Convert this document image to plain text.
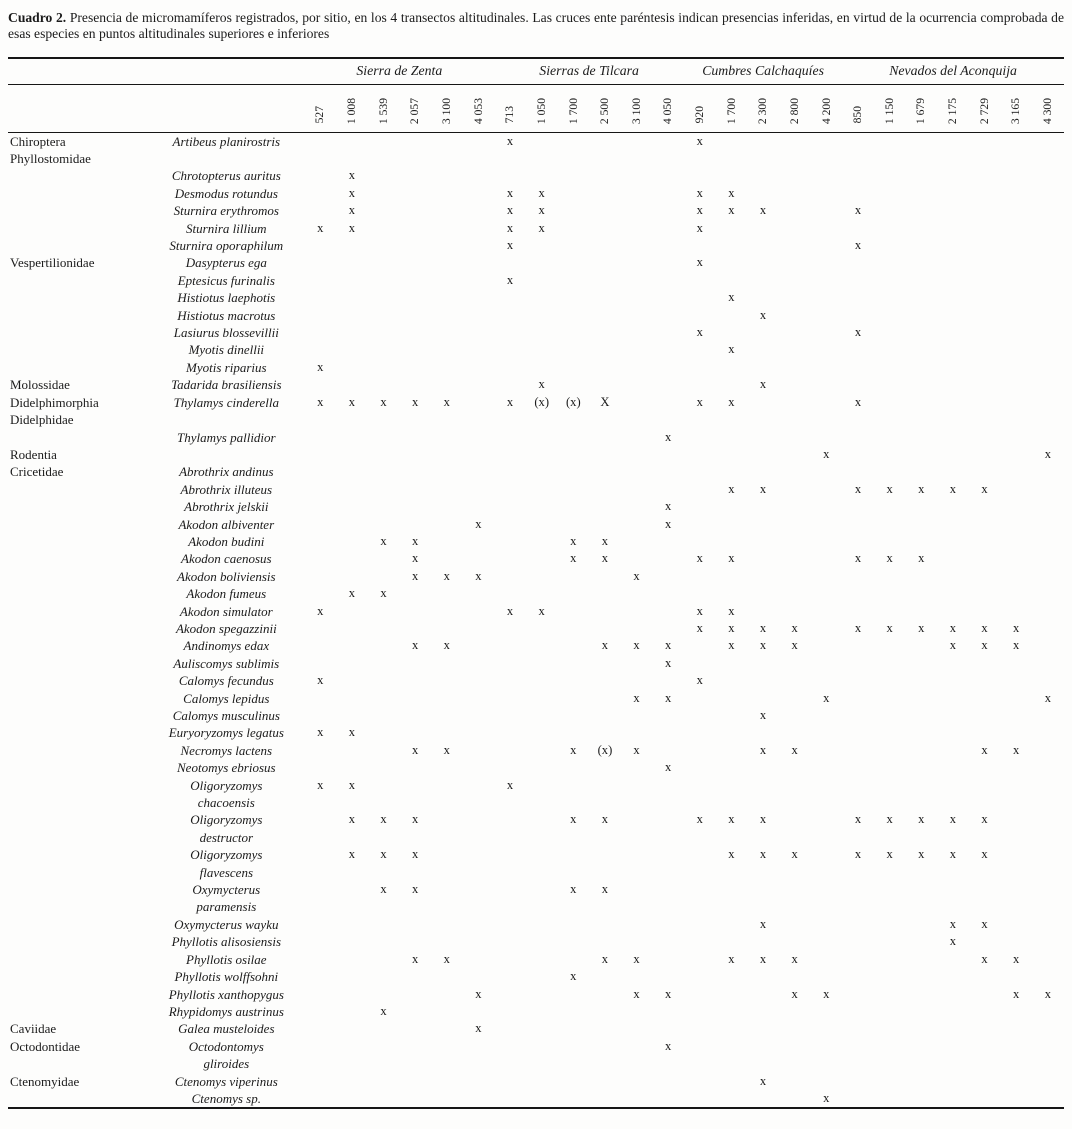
Cuadro 2. Presencia de micromamíferos registrados, por sitio, en los 4 transectos altitudinales. Las cruces ente paréntesis indican presencias inferidas, en virtud de la ocurrencia comprobada de esas especies en puntos altitudinales superiores e inferiores

		Sierra de Zenta						Sierras de Tilcara						Cumbres Calchaquíes					Nevados del Aconquija						
		527	1 008	1 539	2 057	3 100	4 053	713	1 050	1 700	2 500	3 100	4 050	920	1 700	2 300	2 800	4 200	850	1 150	1 679	2 175	2 729	3 165	4 300
Chiroptera	Artibeus planirostris							x						x											
Phyllostomidae																									
	Chrotopterus auritus		x																						
	Desmodus rotundus		x					x	x					x	x										
	Sturnira erythromos		x					x	x					x	x	x			x						
	Sturnira lillium	x	x					x	x					x											
	Sturnira oporaphilum							x											x						
Vespertilionidae	Dasypterus ega													x											
	Eptesicus furinalis							x																	
	Histiotus laephotis														x										
	Histiotus macrotus															x									
	Lasiurus blossevillii													x					x						
	Myotis dinellii														x										
	Myotis riparius	x																							
Molossidae	Tadarida brasiliensis								x							x									
Didelphimorphia	Thylamys cinderella	x	x	x	x	x		x	(x)	(x)	X			x	x				x						
Didelphidae																									
	Thylamys pallidior												x												
Rodentia																		x							x
Cricetidae	Abrothrix andinus																								
	Abrothrix illuteus														x	x			x	x	x	x	x		
	Abrothrix jelskii												x												
	Akodon albiventer						x						x												
	Akodon budini			x	x					x	x														
	Akodon caenosus				x					x	x			x	x				x	x	x				
	Akodon boliviensis				x	x	x					x													
	Akodon fumeus		x	x																					
	Akodon simulator	x						x	x					x	x										
	Akodon spegazzinii													x	x	x	x		x	x	x	x	x	x	
	Andinomys edax				x	x					x	x	x		x	x	x					x	x	x	
	Auliscomys sublimis												x												
	Calomys fecundus	x												x											
	Calomys lepidus											x	x					x							x
	Calomys musculinus															x									
	Euryoryzomys legatus	x	x																						
	Necromys lactens				x	x				x	(x)	x				x	x						x	x	
	Neotomys ebriosus												x												
	Oligoryzomys	x	x					x																	
	chacoensis																								
	Oligoryzomys		x	x	x					x	x			x	x	x			x	x	x	x	x		
	destructor																								
	Oligoryzomys		x	x	x										x	x	x		x	x	x	x	x		
	flavescens																								
	Oxymycterus			x	x					x	x														
	paramensis																								
	Oxymycterus wayku															x						x	x		
	Phyllotis alisosiensis																					x			
	Phyllotis osilae				x	x					x	x			x	x	x						x	x	
	Phyllotis wolffsohni									x															
	Phyllotis xanthopygus						x					x	x				x	x						x	x
	Rhypidomys austrinus			x																					
Caviidae	Galea musteloides						x																		
Octodontidae	Octodontomys												x												
	gliroides																								
Ctenomyidae	Ctenomys viperinus															x									
	Ctenomys sp.																	x							
